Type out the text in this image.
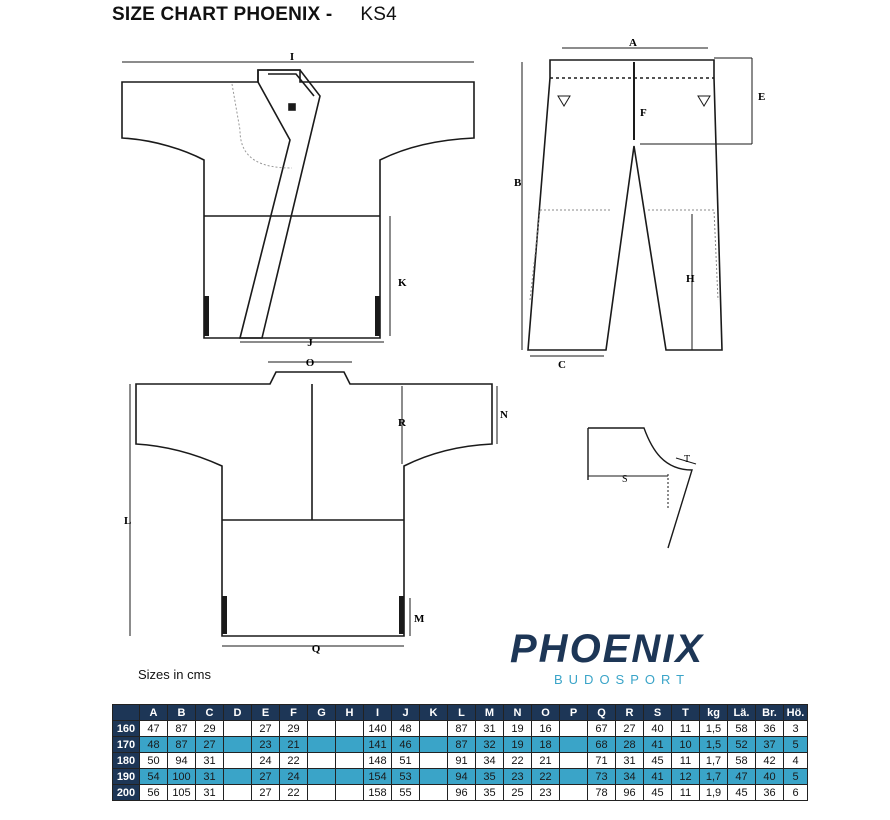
SIZE CHART PHOENIX - KS4
I
J
K
A
E
F
B
H
C
O
N
R
L
M
Q
S
T
Sizes in cms
PHOENIX
BUDOSPORT
	A	B	C	D	E	F	G	H	I	J	K	L	M	N	O	P	Q	R	S	T	kg	Lä.	Br.	Hö.
160	47	87	29		27	29			140	48		87	31	19	16		67	27	40	11	1,5	58	36	3
170	48	87	27		23	21			141	46		87	32	19	18		68	28	41	10	1,5	52	37	5
180	50	94	31		24	22			148	51		91	34	22	21		71	31	45	11	1,7	58	42	4
190	54	100	31		27	24			154	53		94	35	23	22		73	34	41	12	1,7	47	40	5
200	56	105	31		27	22			158	55		96	35	25	23		78	96	45	11	1,9	45	36	6
